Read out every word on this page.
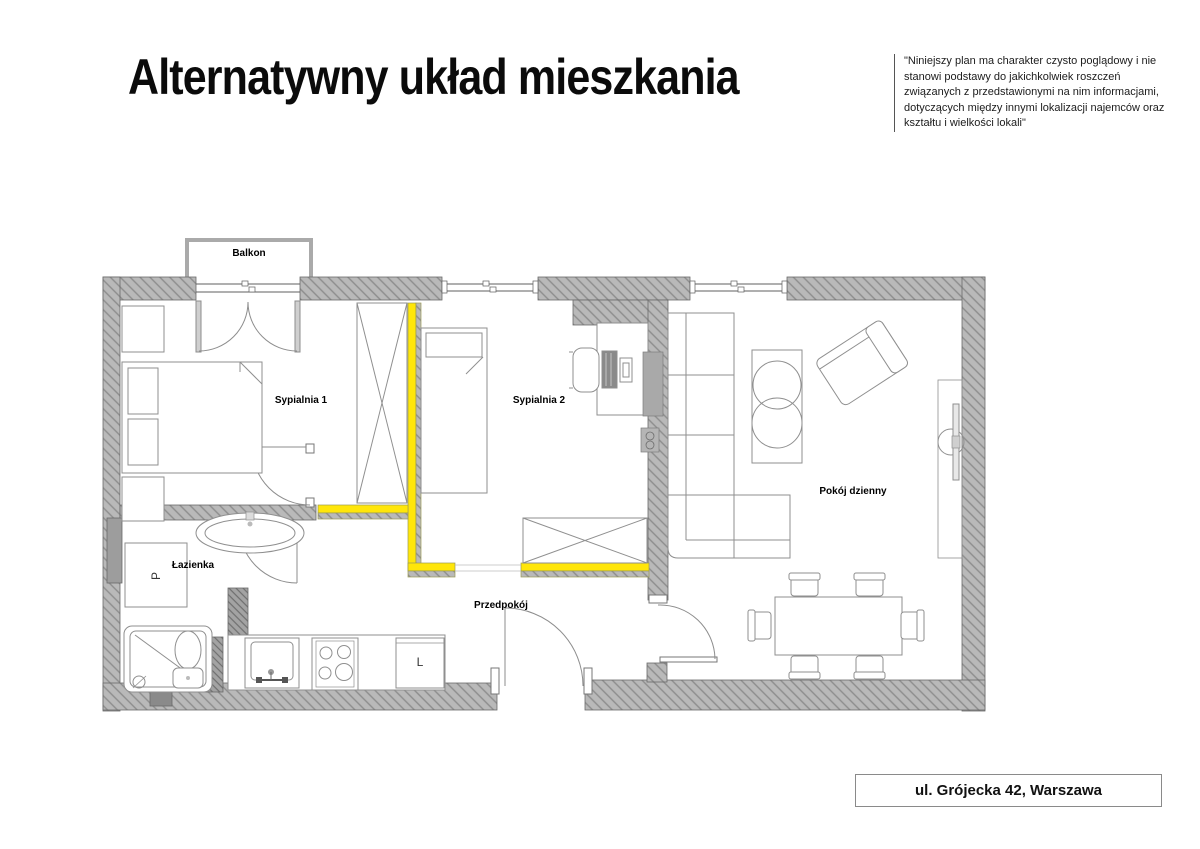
Alternatywny układ mieszkania	"Niniejszy plan ma charakter czysto poglądowy i nie stanowi podstawy do jakichkolwiek roszczeń związanych z przedstawionymi na nim informacjami, dotyczących między innymi lokalizacji najemców oraz kształtu i wielkości lokali"
ul. Grójecka 42, Warszawa
Balkon
Sypialnia 1	Sypialnia 2
Pokój dzienny
Łazienka
Przedpokój
L
P
